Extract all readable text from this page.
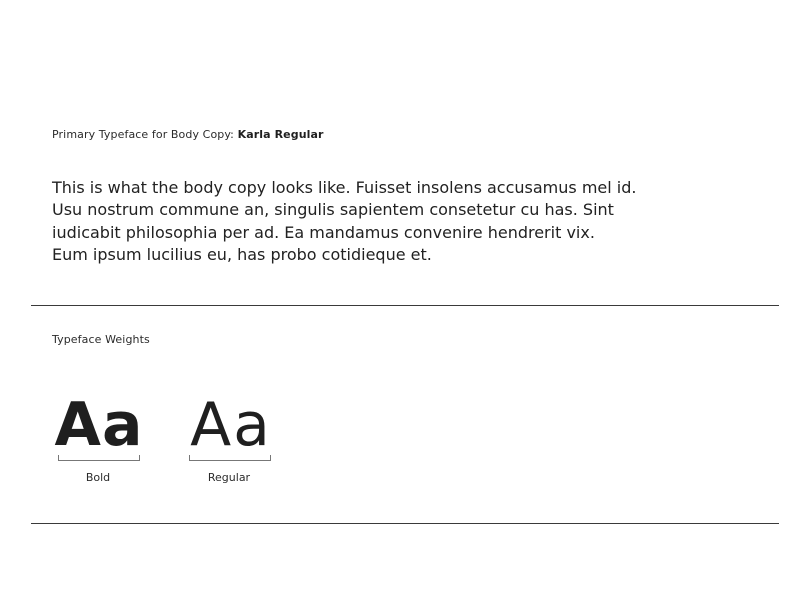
Primary Typeface for Body Copy: Karla Regular
This is what the body copy looks like. Fuisset insolens accusamus mel id.
Usu nostrum commune an, singulis sapientem consetetur cu has. Sint
iudicabit philosophia per ad. Ea mandamus convenire hendrerit vix.
Eum ipsum lucilius eu, has probo cotidieque et.
Typeface Weights
Aa
Bold
Aa
Regular
